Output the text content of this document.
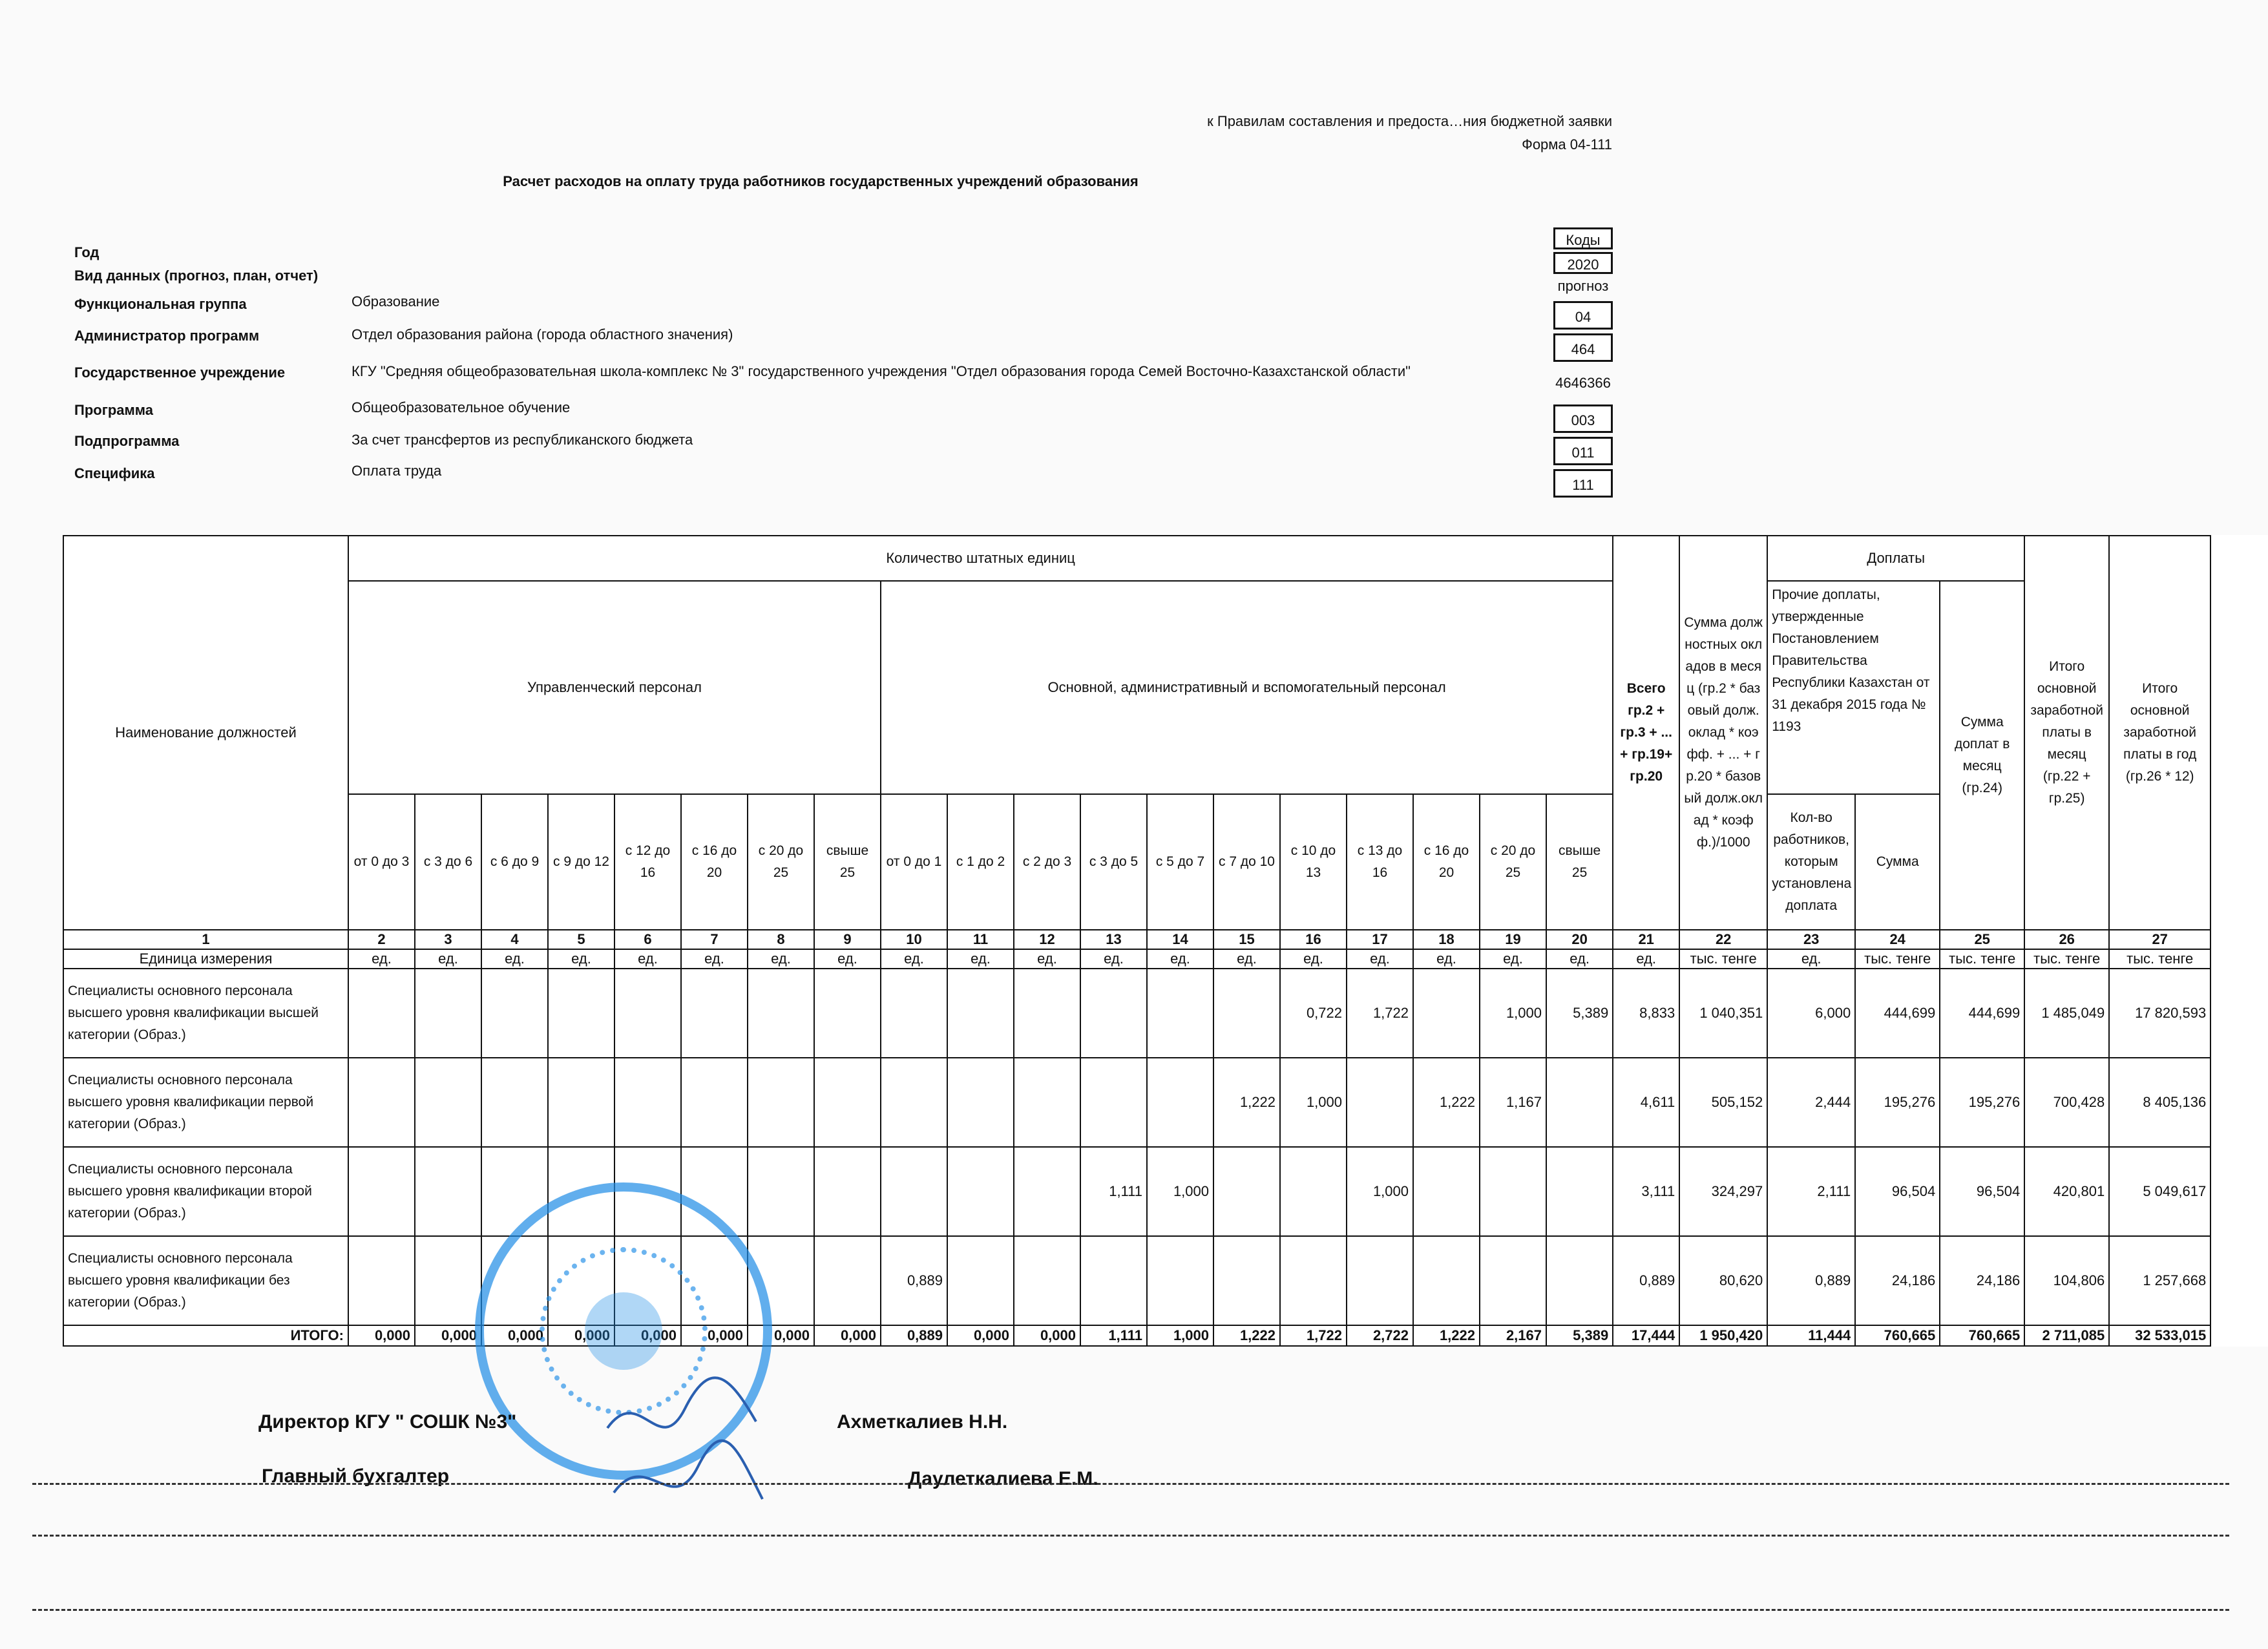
к Правилам составления и предоста…ния бюджетной заявки
Форма 04-111
Расчет расходов на оплату труда работников государственных учреждений образования
Год
Вид данных (прогноз, план, отчет)
Функциональная группа	Образование
Администратор программ	Отдел образования района (города областного значения)
Государственное учреждение	КГУ "Средняя общеобразовательная школа-комплекс № 3" государственного учреждения "Отдел образования города Семей Восточно-Казахстанской области"
Программа	Общеобразовательное обучение
Подпрограмма	За счет трансфертов из республиканского бюджета
Специфика	Оплата труда
Коды
2020
прогноз
04
464
4646366
003
011
111
Наименование должностей	Количество штатных единиц																			Всего гр.2 + гр.3 + ... + гр.19+ гр.20	Сумма должностных окладов в месяц (гр.2 * базовый долж.оклад * коэфф. + ... + гр.20 * базовый долж.оклад * коэфф.)/1000	Доплаты			Итого основной заработной платы в месяц (гр.22 + гр.25)	Итого основной заработной платы в год (гр.26 * 12)
	Управленческий персонал								Основной, административный и вспомогательный персонал													Прочие доплаты, утвержденные Постановлением Правительства Республики Казахстан от 31 декабря 2015 года № 1193		Сумма доплат в месяц (гр.24)		
	от 0 до 3	с 3 до 6	с 6 до 9	с 9 до 12	с 12 до 16	с 16 до 20	с 20 до 25	свыше 25	от 0 до 1	с 1 до 2	с 2 до 3	с 3 до 5	с 5 до 7	с 7 до 10	с 10 до 13	с 13 до 16	с 16 до 20	с 20 до 25	свыше 25			Кол-во работников, которым установлена доплата	Сумма			
1	2	3	4	5	6	7	8	9	10	11	12	13	14	15	16	17	18	19	20	21	22	23	24	25	26	27
Единица измерения	ед.	ед.	ед.	ед.	ед.	ед.	ед.	ед.	ед.	ед.	ед.	ед.	ед.	ед.	ед.	ед.	ед.	ед.	ед.	ед.	тыс. тенге	ед.	тыс. тенге	тыс. тенге	тыс. тенге	тыс. тенге
Специалисты основного персонала высшего уровня квалификации высшей категории (Образ.)															0,722	1,722		1,000	5,389	8,833	1 040,351	6,000	444,699	444,699	1 485,049	17 820,593
Специалисты основного персонала высшего уровня квалификации первой категории (Образ.)														1,222	1,000		1,222	1,167		4,611	505,152	2,444	195,276	195,276	700,428	8 405,136
Специалисты основного персонала высшего уровня квалификации второй категории (Образ.)												1,111	1,000			1,000				3,111	324,297	2,111	96,504	96,504	420,801	5 049,617
Специалисты основного персонала высшего уровня квалификации без категории (Образ.)									0,889											0,889	80,620	0,889	24,186	24,186	104,806	1 257,668
ИТОГО:	0,000	0,000	0,000	0,000	0,000	0,000	0,000	0,000	0,889	0,000	0,000	1,111	1,000	1,222	1,722	2,722	1,222	2,167	5,389	17,444	1 950,420	11,444	760,665	760,665	2 711,085	32 533,015
Директор КГУ " СОШК №3"	Ахметкалиев Н.Н.
Главный бухгалтер	Даулеткалиева Е.М.
